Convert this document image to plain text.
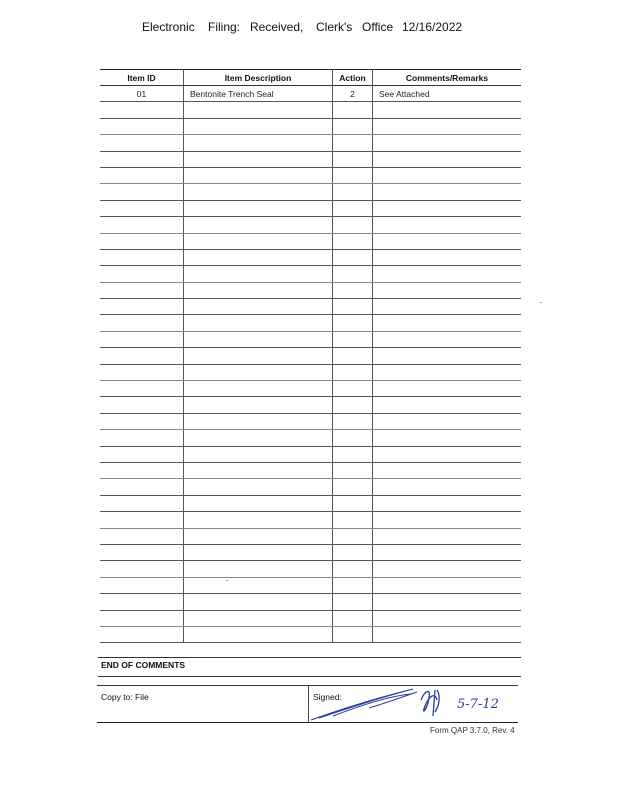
Electronic Filing: Received, Clerk's Office 12/16/2022
Item ID	Item Description	Action	Comments/Remarks
01	Bentonite Trench Seal	2	See Attached

END OF COMMENTS
Copy to: File	Signed:	5-7-12
Form QAP 3.7.0, Rev. 4
